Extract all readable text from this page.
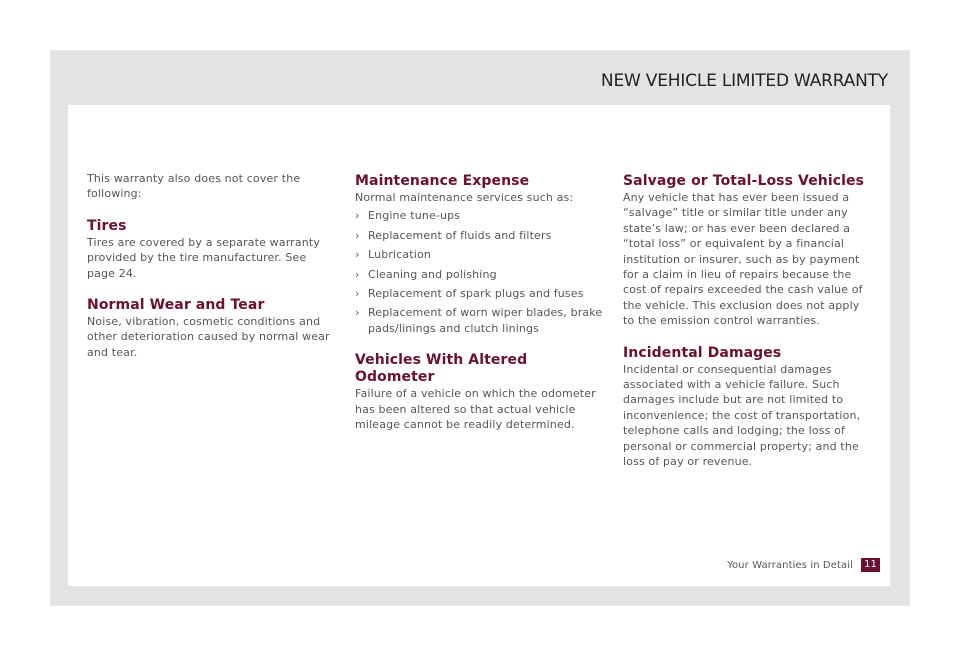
NEW VEHICLE LIMITED WARRANTY

This warranty also does not cover the following:

Tires

Tires are covered by a separate warranty provided by the tire manufacturer. See page 24.

Normal Wear and Tear

Noise, vibration, cosmetic conditions and other deterioration caused by normal wear and tear.

Maintenance Expense

Normal maintenance services such as:

› Engine tune-ups
› Replacement of fluids and filters
› Lubrication
› Cleaning and polishing
› Replacement of spark plugs and fuses
› Replacement of worn wiper blades, brake pads/linings and clutch linings
Vehicles With Altered Odometer

Failure of a vehicle on which the odometer has been altered so that actual vehicle mileage cannot be readily determined.

Salvage or Total-Loss Vehicles

Any vehicle that has ever been issued a “salvage” title or similar title under any state’s law; or has ever been declared a “total loss” or equivalent by a financial institution or insurer, such as by payment for a claim in lieu of repairs because the cost of repairs exceeded the cash value of the vehicle. This exclusion does not apply to the emission control warranties.

Incidental Damages

Incidental or consequential damages associated with a vehicle failure. Such damages include but are not limited to inconvenience; the cost of transportation, telephone calls and lodging; the loss of personal or commercial property; and the loss of pay or revenue.

Your Warranties in Detail	11
